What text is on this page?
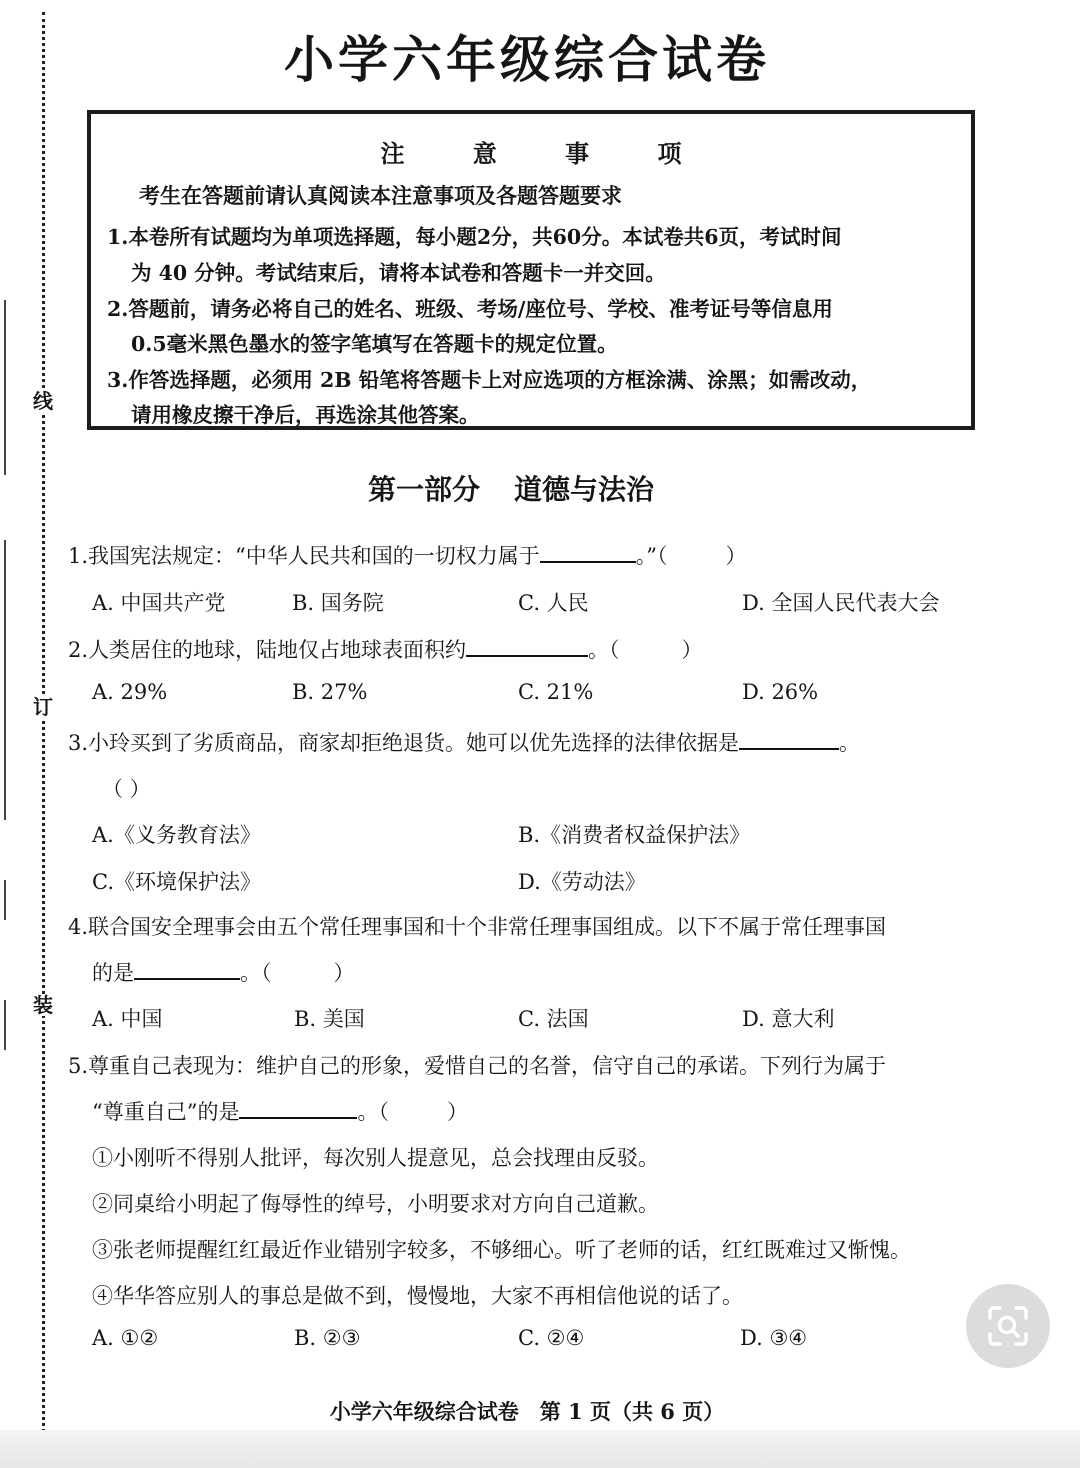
线
订
装
小学六年级综合试卷
注 意 事 项
考生在答题前请认真阅读本注意事项及各题答题要求
1.本卷所有试题均为单项选择题，每小题2分，共60分。本试卷共6页，考试时间
为 40 分钟。考试结束后，请将本试卷和答题卡一并交回。
2.答题前，请务必将自己的姓名、班级、考场/座位号、学校、准考证号等信息用
0.5毫米黑色墨水的签字笔填写在答题卡的规定位置。
3.作答选择题，必须用 2B 铅笔将答题卡上对应选项的方框涂满、涂黑；如需改动，
请用橡皮擦干净后，再选涂其他答案。
第一部分 道德与法治
1.我国宪法规定：“中华人民共和国的一切权力属于	。”（	）
A. 中国共产党	B. 国务院	C. 人民	D. 全国人民代表大会
2.人类居住的地球，陆地仅占地球表面积约	。（	）
A. 29%	B. 27%	C. 21%	D. 26%
3.小玲买到了劣质商品，商家却拒绝退货。她可以优先选择的法律依据是	。
（ ）
A.《义务教育法》	B.《消费者权益保护法》
C.《环境保护法》	D.《劳动法》
4.联合国安全理事会由五个常任理事国和十个非常任理事国组成。以下不属于常任理事国
的是	。（	）
A. 中国	B. 美国	C. 法国	D. 意大利
5.尊重自己表现为：维护自己的形象，爱惜自己的名誉，信守自己的承诺。下列行为属于
“尊重自己”的是	。（	）
①小刚听不得别人批评，每次别人提意见，总会找理由反驳。
②同桌给小明起了侮辱性的绰号，小明要求对方向自己道歉。
③张老师提醒红红最近作业错别字较多，不够细心。听了老师的话，红红既难过又惭愧。
④华华答应别人的事总是做不到，慢慢地，大家不再相信他说的话了。
A. ①②	B. ②③	C. ②④	D. ③④
小学六年级综合试卷　第 1 页（共 6 页）
